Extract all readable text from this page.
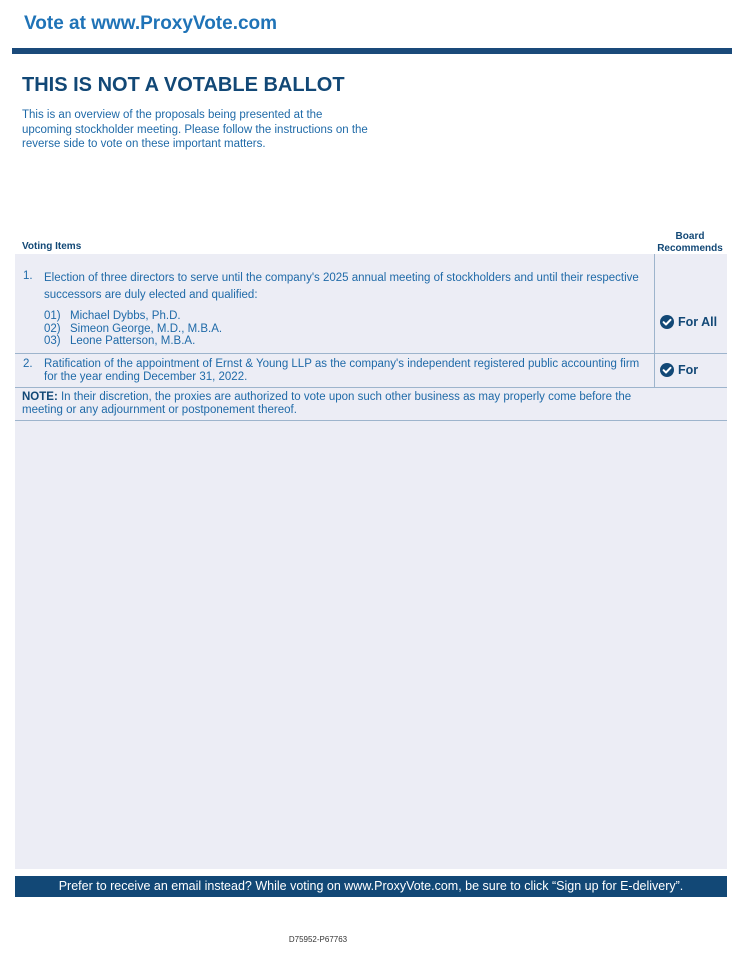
Vote at www.ProxyVote.com
THIS IS NOT A VOTABLE BALLOT

This is an overview of the proposals being presented at the upcoming stockholder meeting. Please follow the instructions on the reverse side to vote on these important matters.

Voting Items
Board Recommends
1. Election of three directors to serve until the company's 2025 annual meeting of stockholders and until their respective successors are duly elected and qualified:

01) Michael Dybbs, Ph.D.
02) Simeon George, M.D., M.B.A.
03) Leone Patterson, M.B.A.
For All
2. Ratification of the appointment of Ernst & Young LLP as the company's independent registered public accounting firm for the year ending December 31, 2022.	For

NOTE: In their discretion, the proxies are authorized to vote upon such other business as may properly come before the meeting or any adjournment or postponement thereof.

Prefer to receive an email instead? While voting on www.ProxyVote.com, be sure to click “Sign up for E-delivery”.
D75952-P67763
